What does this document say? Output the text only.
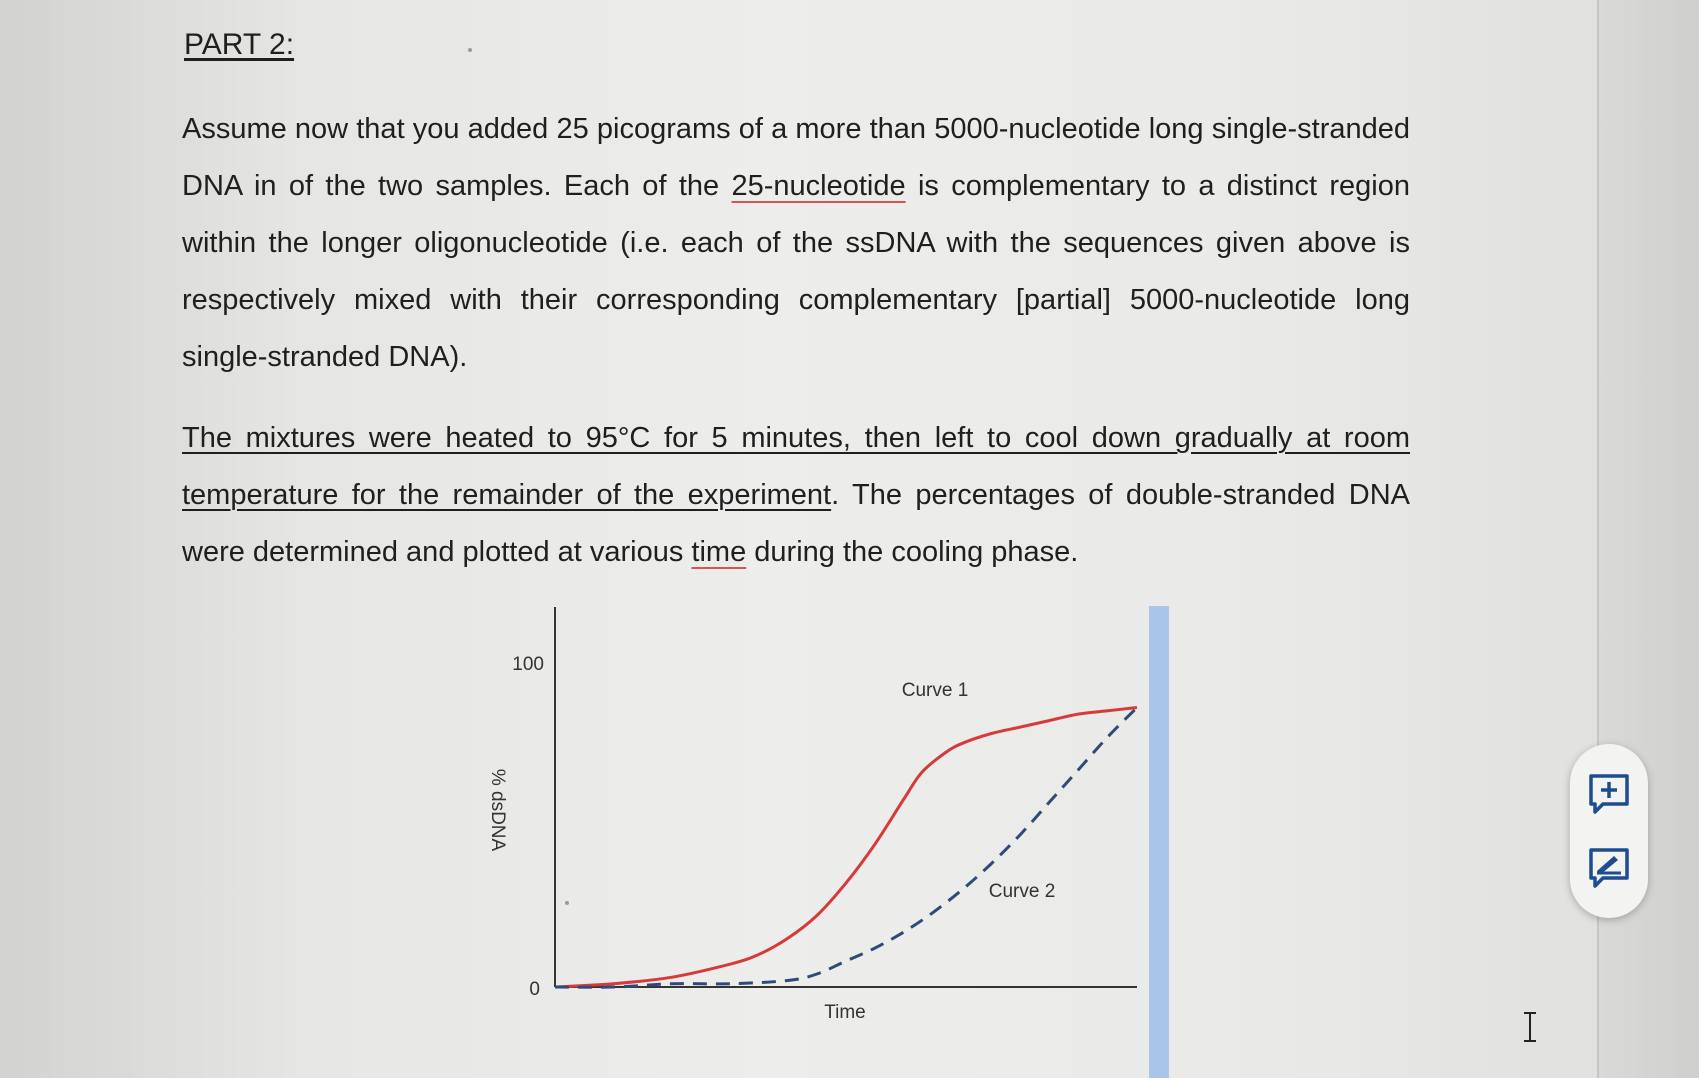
PART 2:
Assume now that you added 25 picograms of a more than 5000-nucleotide long single-stranded DNA in of the two samples. Each of the 25-nucleotide is complementary to a distinct region within the longer oligonucleotide (i.e. each of the ssDNA with the sequences given above is respectively mixed with their corresponding complementary [partial] 5000-nucleotide long single-stranded DNA).
The mixtures were heated to 95°C for 5 minutes, then left to cool down gradually at room temperature for the remainder of the experiment. The percentages of double-stranded DNA were determined and plotted at various time during the cooling phase.
100
0
% dsDNA
Time
Curve 1
Curve 2
